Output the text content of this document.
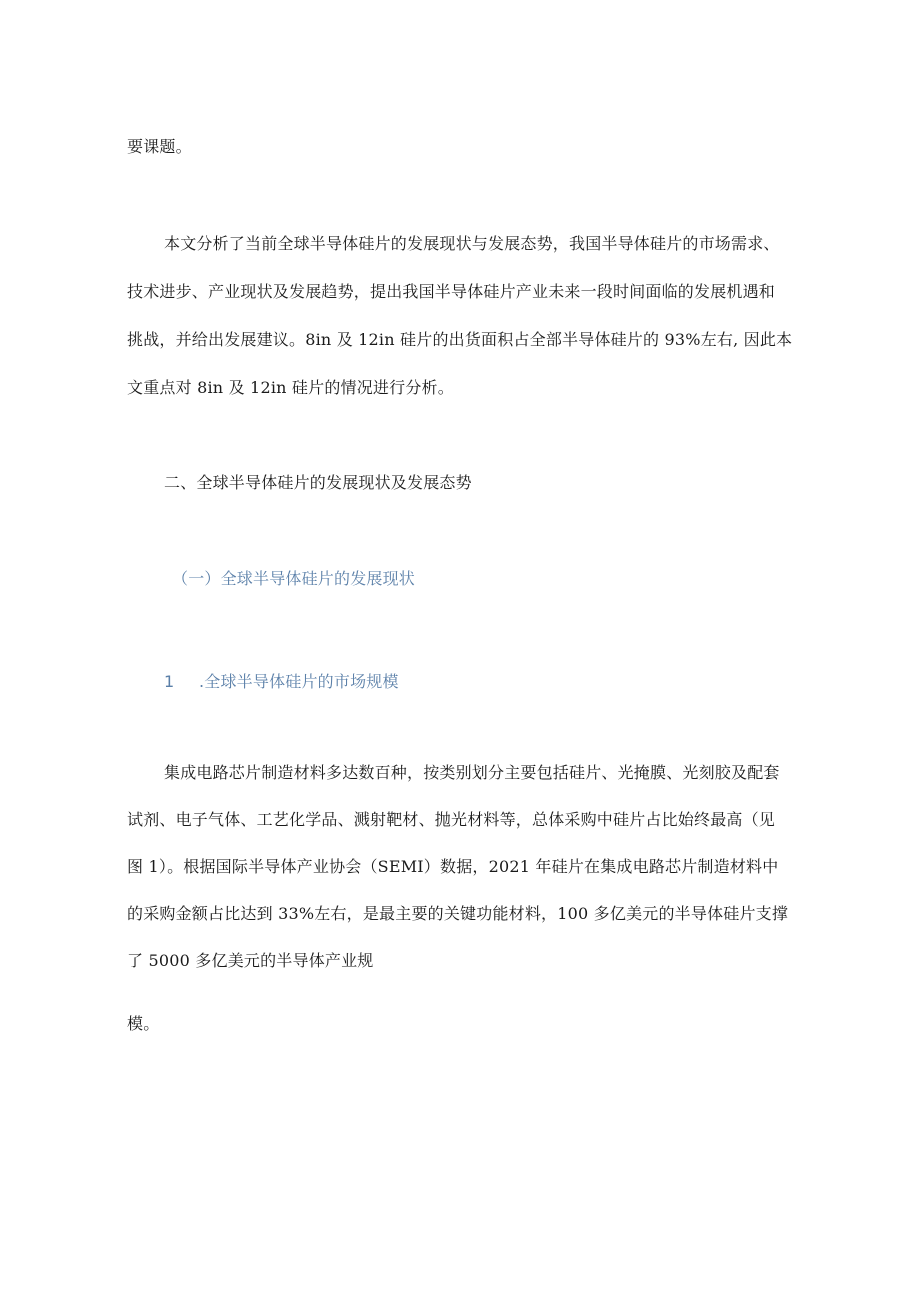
要课题。
本文分析了当前全球半导体硅片的发展现状与发展态势，我国半导体硅片的市场需求、
技术进步、产业现状及发展趋势，提出我国半导体硅片产业未来一段时间面临的发展机遇和
挑战，并给出发展建议。8in 及 12in 硅片的出货面积占全部半导体硅片的 93%左右, 因此本
文重点对 8in 及 12in 硅片的情况进行分析。
二、全球半导体硅片的发展现状及发展态势
（一）全球半导体硅片的发展现状
1 .全球半导体硅片的市场规模
集成电路芯片制造材料多达数百种，按类别划分主要包括硅片、光掩膜、光刻胶及配套
试剂、电子气体、工艺化学品、溅射靶材、抛光材料等，总体采购中硅片占比始终最高（见
图 1）。根据国际半导体产业协会（SEMI）数据，2021 年硅片在集成电路芯片制造材料中
的采购金额占比达到 33%左右，是最主要的关键功能材料，100 多亿美元的半导体硅片支撑
了 5000 多亿美元的半导体产业规
模。
